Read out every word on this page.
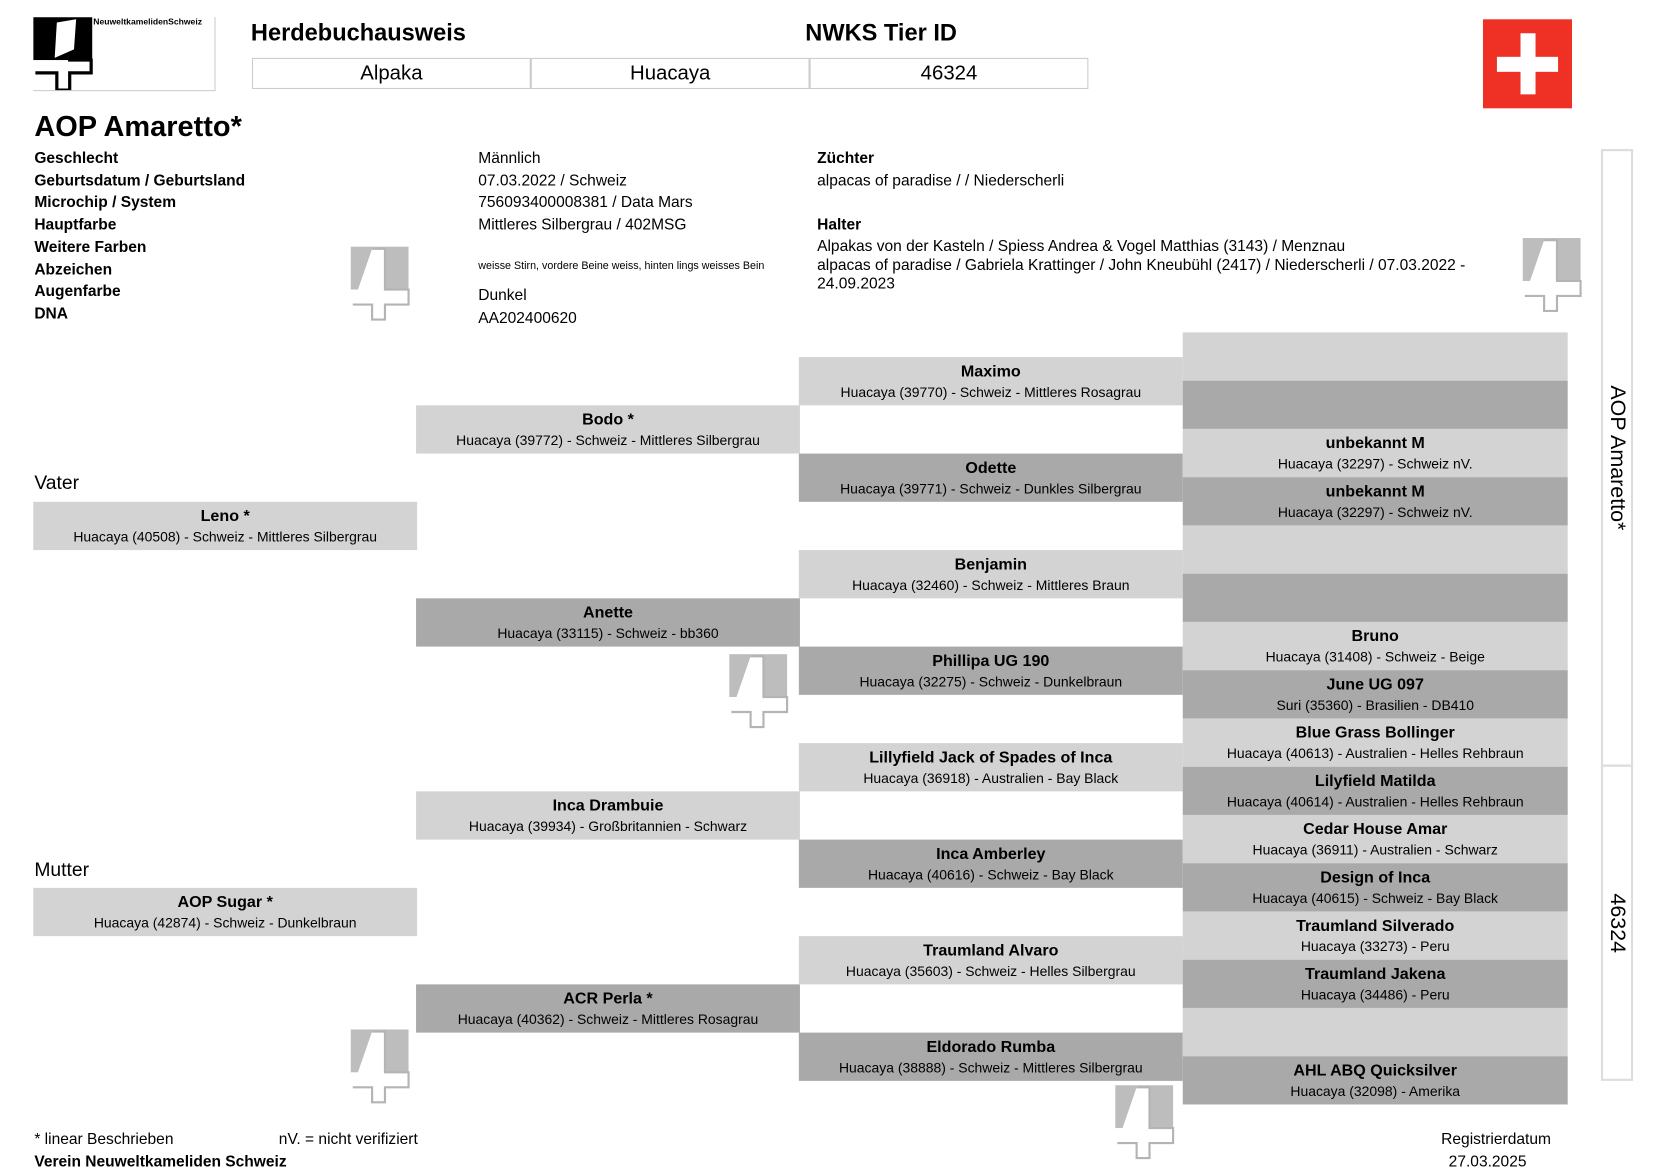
NeuweltkamelidenSchweiz Herdebuchausweis	NWKS Tier ID
Alpaka	Huacaya	46324
AOP Amaretto*
Geschlecht	Männlich
Geburtsdatum / Geburtsland	07.03.2022 / Schweiz
Microchip / System	756093400008381 / Data Mars
Hauptfarbe	Mittleres Silbergrau / 402MSG
Weitere Farben
Abzeichen	weisse Stirn, vordere Beine weiss, hinten lings weisses Bein
Augenfarbe	Dunkel
DNA	AA202400620
Züchter
alpacas of paradise / / Niederscherli
Halter
Alpakas von der Kasteln / Spiess Andrea & Vogel Matthias (3143) / Menznau
alpacas of paradise / Gabriela Krattinger / John Kneubühl (2417) / Niederscherli / 07.03.2022 -
24.09.2023
Vater
Mutter
Leno *
Huacaya (40508) - Schweiz - Mittleres Silbergrau
AOP Sugar *
Huacaya (42874) - Schweiz - Dunkelbraun
Bodo *
Huacaya (39772) - Schweiz - Mittleres Silbergrau
Anette
Huacaya (33115) - Schweiz - bb360
Inca Drambuie
Huacaya (39934) - Großbritannien - Schwarz
ACR Perla *
Huacaya (40362) - Schweiz - Mittleres Rosagrau
Maximo
Huacaya (39770) - Schweiz - Mittleres Rosagrau
Odette
Huacaya (39771) - Schweiz - Dunkles Silbergrau
Benjamin
Huacaya (32460) - Schweiz - Mittleres Braun
Phillipa UG 190
Huacaya (32275) - Schweiz - Dunkelbraun
Lillyfield Jack of Spades of Inca
Huacaya (36918) - Australien - Bay Black
Inca Amberley
Huacaya (40616) - Schweiz - Bay Black
Traumland Alvaro
Huacaya (35603) - Schweiz - Helles Silbergrau
Eldorado Rumba
Huacaya (38888) - Schweiz - Mittleres Silbergrau
unbekannt M
Huacaya (32297) - Schweiz nV.
unbekannt M
Huacaya (32297) - Schweiz nV.
Bruno
Huacaya (31408) - Schweiz - Beige
June UG 097
Suri (35360) - Brasilien - DB410
Blue Grass Bollinger
Huacaya (40613) - Australien - Helles Rehbraun
Lilyfield Matilda
Huacaya (40614) - Australien - Helles Rehbraun
Cedar House Amar
Huacaya (36911) - Australien - Schwarz
Design of Inca
Huacaya (40615) - Schweiz - Bay Black
Traumland Silverado
Huacaya (33273) - Peru
Traumland Jakena
Huacaya (34486) - Peru
AHL ABQ Quicksilver
Huacaya (32098) - Amerika
AOP Amaretto*
46324
* linear Beschrieben	nV. = nicht verifiziert
Verein Neuweltkameliden Schweiz
Registrierdatum
27.03.2025
